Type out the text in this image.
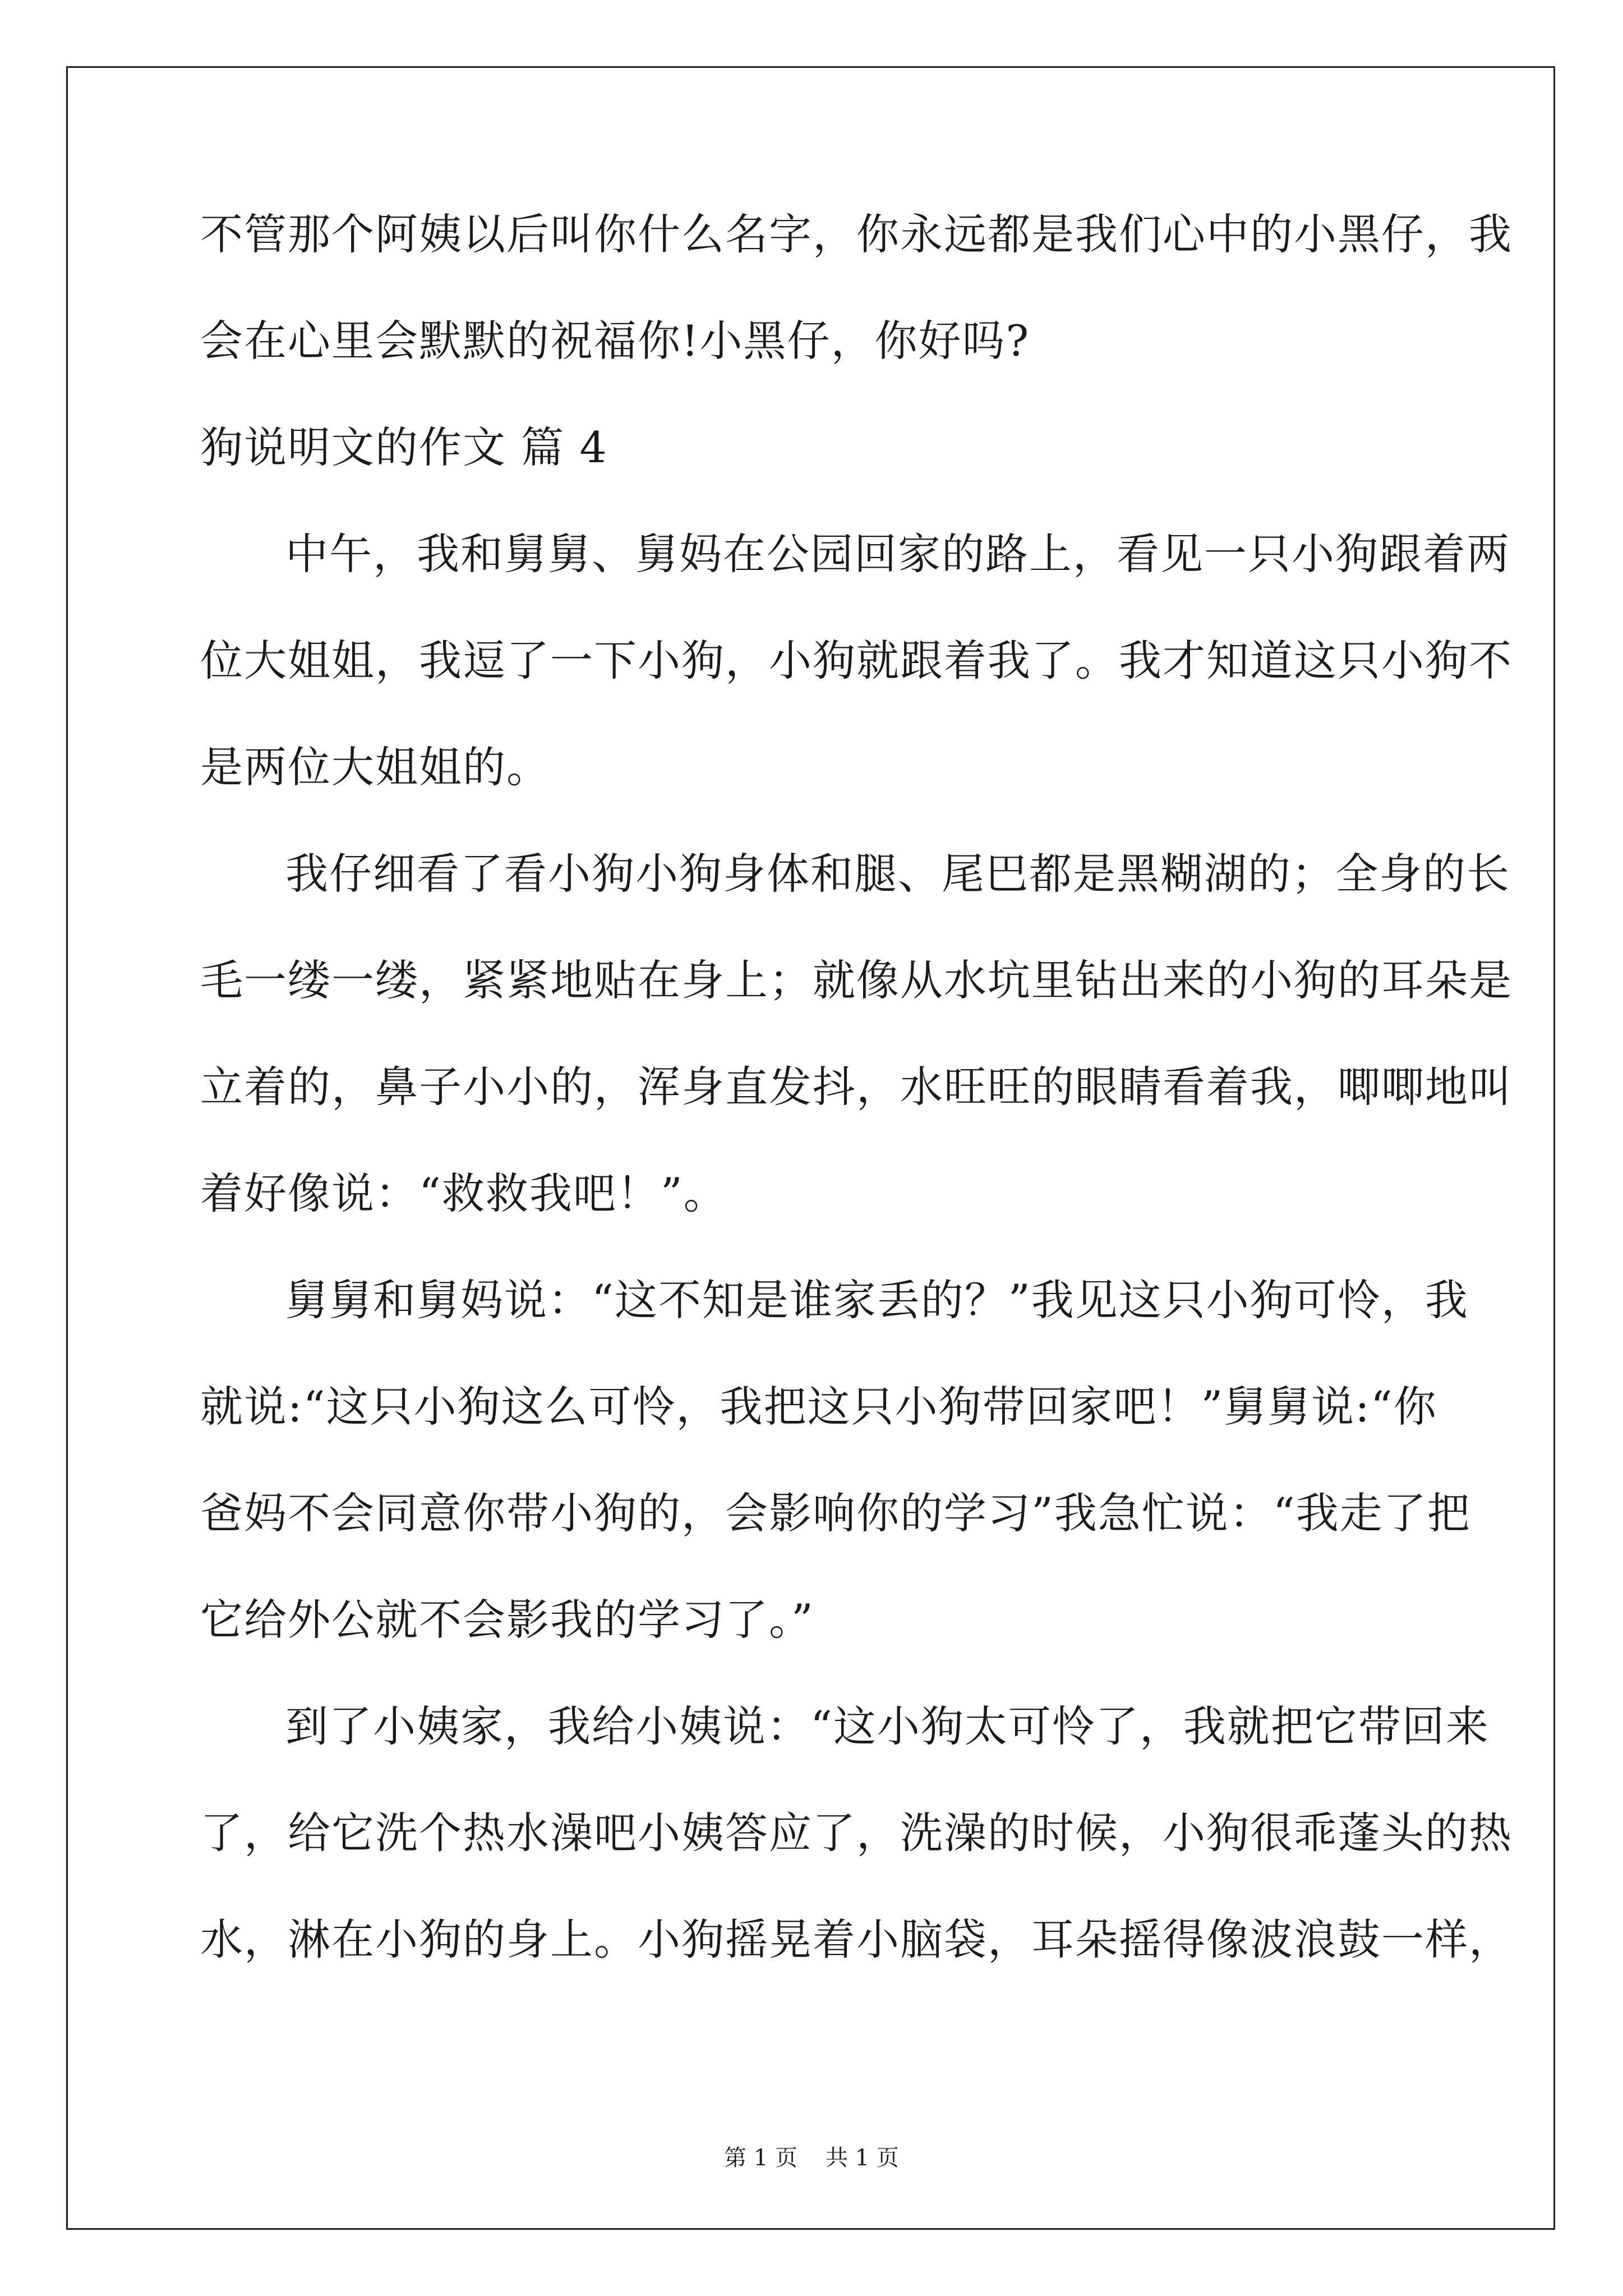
不管那个阿姨以后叫你什么名字，你永远都是我们心中的小黑仔，我
会在心里会默默的祝福你!小黑仔，你好吗?
狗说明文的作文 篇 4
中午，我和舅舅、舅妈在公园回家的路上，看见一只小狗跟着两
位大姐姐，我逗了一下小狗，小狗就跟着我了。我才知道这只小狗不
是两位大姐姐的。
我仔细看了看小狗小狗身体和腿、尾巴都是黑糊湖的；全身的长
毛一缕一缕，紧紧地贴在身上；就像从水坑里钻出来的小狗的耳朵是
立着的，鼻子小小的，浑身直发抖，水旺旺的眼睛看着我，唧唧地叫
着好像说：“救救我吧！”。
舅舅和舅妈说：“这不知是谁家丢的？”我见这只小狗可怜，我
就说:“这只小狗这么可怜，我把这只小狗带回家吧！”舅舅说:“你
爸妈不会同意你带小狗的，会影响你的学习”我急忙说：“我走了把
它给外公就不会影我的学习了。”
到了小姨家，我给小姨说：“这小狗太可怜了，我就把它带回来
了，给它洗个热水澡吧小姨答应了，洗澡的时候，小狗很乖蓬头的热
水，淋在小狗的身上。小狗摇晃着小脑袋，耳朵摇得像波浪鼓一样，
第 1 页 共 1 页
